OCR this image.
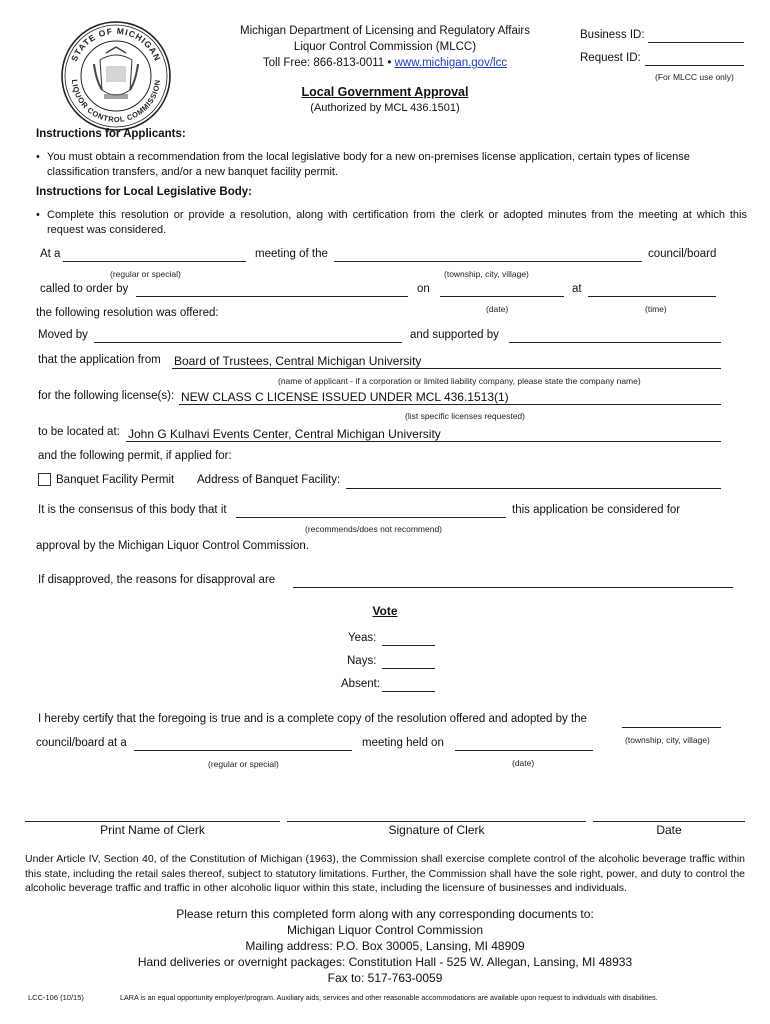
STATE OF MICHIGAN
LIQUOR CONTROL COMMISSION
Michigan Department of Licensing and Regulatory Affairs
Liquor Control Commission (MLCC)
Toll Free: 866-813-0011 • www.michigan.gov/lcc
Business ID:
Request ID:
(For MLCC use only)
Local Government Approval
(Authorized by MCL 436.1501)
Instructions for Applicants:
• You must obtain a recommendation from the local legislative body for a new on-premises license application, certain types of license classification transfers, and/or a new banquet facility permit.
Instructions for Local Legislative Body:
• Complete this resolution or provide a resolution, along with certification from the clerk or adopted minutes from the meeting at which this request was considered.
At a	meeting of the	council/board
(regular or special)	(township, city, village)
called to order by	on	at
(date)	(time)
the following resolution was offered:
Moved by	and supported by
that the application from Board of Trustees, Central Michigan University
(name of applicant - if a corporation or limited liability company, please state the company name)
for the following license(s): NEW CLASS C LICENSE ISSUED UNDER MCL 436.1513(1)
(list specific licenses requested)
to be located at: John G Kulhavi Events Center, Central Michigan University
and the following permit, if applied for:
Banquet Facility Permit Address of Banquet Facility:
It is the consensus of this body that it	this application be considered for
(recommends/does not recommend)
approval by the Michigan Liquor Control Commission.
If disapproved, the reasons for disapproval are
Vote
Yeas:
Nays:
Absent:
I hereby certify that the foregoing is true and is a complete copy of the resolution offered and adopted by the
(township, city, village)
council/board at a	meeting held on
(regular or special)	(date)
Print Name of Clerk	Signature of Clerk	Date
Under Article IV, Section 40, of the Constitution of Michigan (1963), the Commission shall exercise complete control of the alcoholic beverage traffic within this state, including the retail sales thereof, subject to statutory limitations. Further, the Commission shall have the sole right, power, and duty to control the alcoholic beverage traffic and traffic in other alcoholic liquor within this state, including the licensure of businesses and individuals.
Please return this completed form along with any corresponding documents to:
Michigan Liquor Control Commission
Mailing address: P.O. Box 30005, Lansing, MI 48909
Hand deliveries or overnight packages: Constitution Hall - 525 W. Allegan, Lansing, MI 48933
Fax to: 517-763-0059
LCC-106 (10/15)	LARA is an equal opportunity employer/program. Auxiliary aids, services and other reasonable accommodations are available upon request to individuals with disabilities.
